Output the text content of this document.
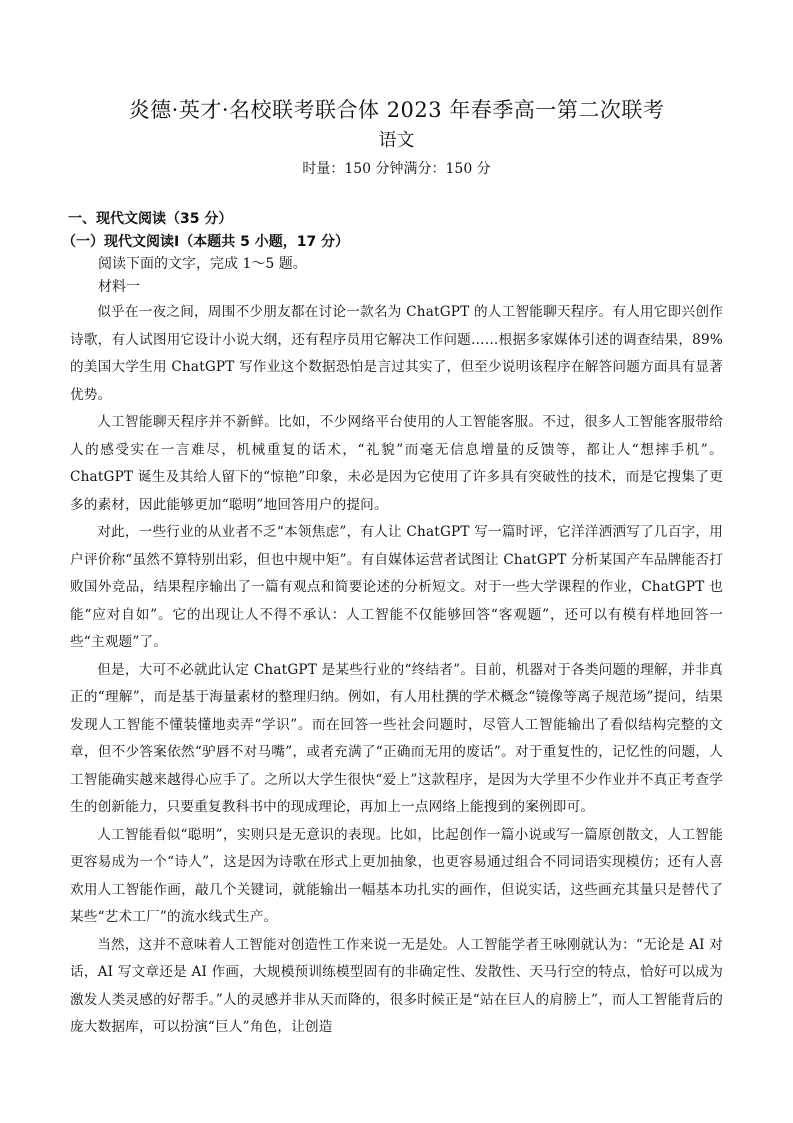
炎德·英才·名校联考联合体 2023 年春季高一第二次联考
语文
时量：150 分钟满分：150 分
一、现代文阅读（35 分）
（一）现代文阅读Ⅰ（本题共 5 小题，17 分）

阅读下面的文字，完成 1～5 题。

材料一

似乎在一夜之间，周围不少朋友都在讨论一款名为 ChatGPT 的人工智能聊天程序。有人用它即兴创作诗歌，有人试图用它设计小说大纲，还有程序员用它解决工作问题……根据多家媒体引述的调查结果，89%的美国大学生用 ChatGPT 写作业这个数据恐怕是言过其实了，但至少说明该程序在解答问题方面具有显著优势。

人工智能聊天程序并不新鲜。比如，不少网络平台使用的人工智能客服。不过，很多人工智能客服带给人的感受实在一言难尽，机械重复的话术，“礼貌”而毫无信息增量的反馈等，都让人“想摔手机”。ChatGPT 诞生及其给人留下的“惊艳”印象，未必是因为它使用了许多具有突破性的技术，而是它搜集了更多的素材，因此能够更加“聪明”地回答用户的提问。

对此，一些行业的从业者不乏“本领焦虑”，有人让 ChatGPT 写一篇时评，它洋洋洒洒写了几百字，用户评价称“虽然不算特别出彩，但也中规中矩”。有自媒体运营者试图让 ChatGPT 分析某国产车品牌能否打败国外竞品，结果程序输出了一篇有观点和简要论述的分析短文。对于一些大学课程的作业，ChatGPT 也能“应对自如”。它的出现让人不得不承认：人工智能不仅能够回答“客观题”，还可以有模有样地回答一些“主观题”了。

但是，大可不必就此认定 ChatGPT 是某些行业的“终结者”。目前，机器对于各类问题的理解，并非真正的“理解”，而是基于海量素材的整理归纳。例如，有人用杜撰的学术概念“镜像等离子规范场”提问，结果发现人工智能不懂装懂地卖弄“学识”。而在回答一些社会问题时，尽管人工智能输出了看似结构完整的文章，但不少答案依然“驴唇不对马嘴”，或者充满了“正确而无用的废话”。对于重复性的，记忆性的问题，人工智能确实越来越得心应手了。之所以大学生很快“爱上”这款程序，是因为大学里不少作业并不真正考查学生的创新能力，只要重复教科书中的现成理论，再加上一点网络上能搜到的案例即可。

人工智能看似“聪明”，实则只是无意识的表现。比如，比起创作一篇小说或写一篇原创散文，人工智能更容易成为一个“诗人”，这是因为诗歌在形式上更加抽象，也更容易通过组合不同词语实现模仿；还有人喜欢用人工智能作画，敲几个关键词，就能输出一幅基本功扎实的画作，但说实话，这些画充其量只是替代了某些“艺术工厂”的流水线式生产。

当然，这并不意味着人工智能对创造性工作来说一无是处。人工智能学者王咏刚就认为：“无论是 AI 对话，AI 写文章还是 AI 作画，大规模预训练模型固有的非确定性、发散性、天马行空的特点，恰好可以成为激发人类灵感的好帮手。”人的灵感并非从天而降的，很多时候正是“站在巨人的肩膀上”，而人工智能背后的庞大数据库，可以扮演“巨人”角色，让创造
